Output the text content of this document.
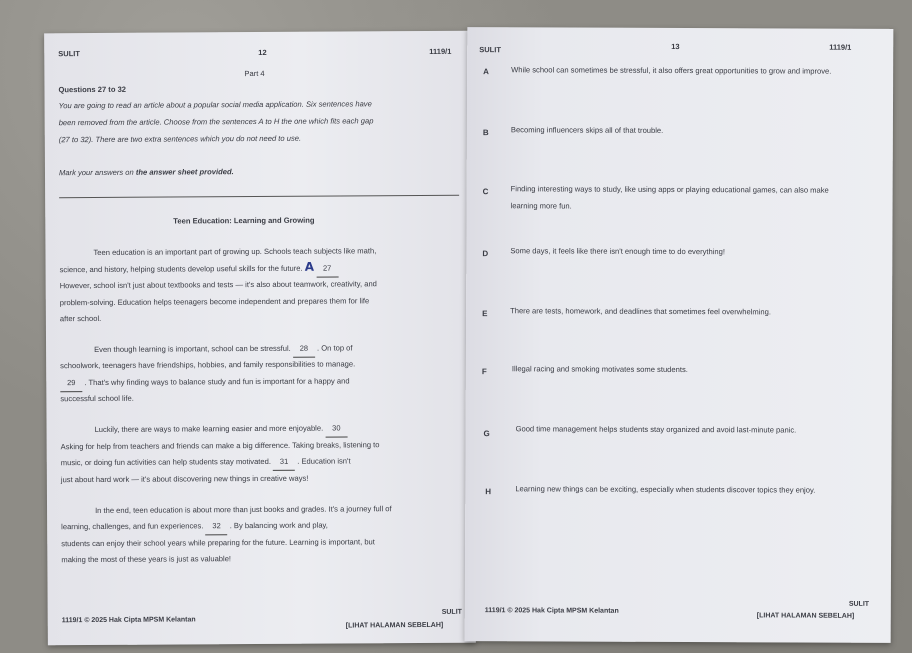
SULIT	12	1119/1
Part 4
Questions 27 to 32
You are going to read an article about a popular social media application. Six sentences have
been removed from the article. Choose from the sentences A to H the one which fits each gap
(27 to 32). There are two extra sentences which you do not need to use.
Mark your answers on the answer sheet provided.
Teen Education: Learning and Growing
Teen education is an important part of growing up. Schools teach subjects like math,
science, and history, helping students develop useful skills for the future. A 27
However, school isn't just about textbooks and tests — it's also about teamwork, creativity, and
problem-solving. Education helps teenagers become independent and prepares them for life
after school.
Even though learning is important, school can be stressful. 28 . On top of
schoolwork, teenagers have friendships, hobbies, and family responsibilities to manage.
29 . That's why finding ways to balance study and fun is important for a happy and
successful school life.
Luckily, there are ways to make learning easier and more enjoyable. 30
Asking for help from teachers and friends can make a big difference. Taking breaks, listening to
music, or doing fun activities can help students stay motivated. 31 . Education isn't
just about hard work — it's about discovering new things in creative ways!
In the end, teen education is about more than just books and grades. It's a journey full of
learning, challenges, and fun experiences. 32 . By balancing work and play,
students can enjoy their school years while preparing for the future. Learning is important, but
making the most of these years is just as valuable!
1119/1 © 2025 Hak Cipta MPSM Kelantan
SULIT
[LIHAT HALAMAN SEBELAH]
SULIT	13	1119/1
A	While school can sometimes be stressful, it also offers great opportunities to grow and improve.
B	Becoming influencers skips all of that trouble.
C	Finding interesting ways to study, like using apps or playing educational games, can also make learning more fun.
D	Some days, it feels like there isn't enough time to do everything!
E	There are tests, homework, and deadlines that sometimes feel overwhelming.
F	Illegal racing and smoking motivates some students.
G	Good time management helps students stay organized and avoid last-minute panic.
H	Learning new things can be exciting, especially when students discover topics they enjoy.
1119/1 © 2025 Hak Cipta MPSM Kelantan
SULIT
[LIHAT HALAMAN SEBELAH]
